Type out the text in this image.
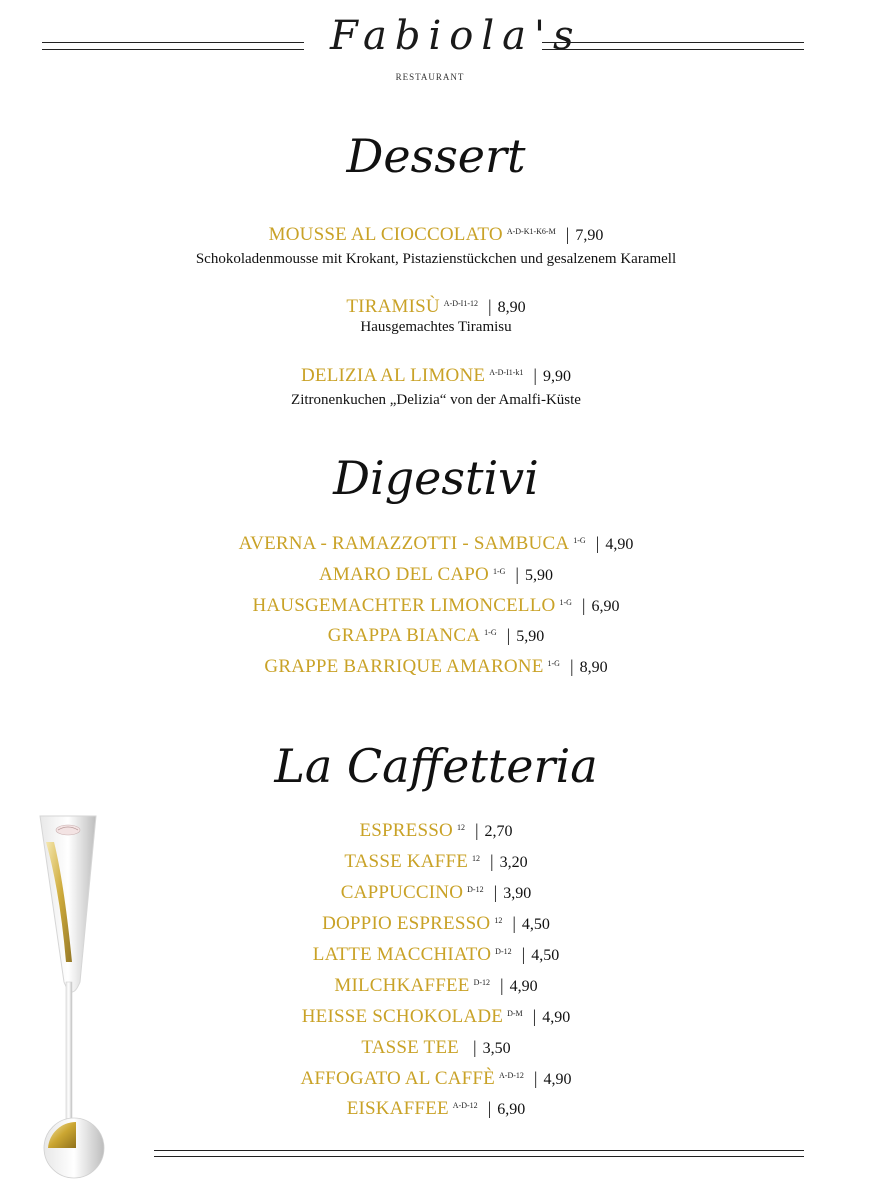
Fabiola's
RESTAURANT
Dessert
MOUSSE AL CIOCCOLATO $^{A-D-K1-K6-M}$ | 7,90
Schokoladenmousse mit Krokant, Pistazienstückchen und gesalzenem Karamell
TIRAMISÙ $^{A-D-I1-12}$ | 8,90
Hausgemachtes Tiramisu
DELIZIA AL LIMONE $^{A-D-I1-k1}$ | 9,90
Zitronenkuchen „Delizia“ von der Amalfi-Küste
Digestivi
AVERNA - RAMAZZOTTI - SAMBUCA $^{1-G}$ | 4,90
AMARO DEL CAPO $^{1-G}$ | 5,90
HAUSGEMACHTER LIMONCELLO $^{1-G}$ | 6,90
GRAPPA BIANCA $^{1-G}$ | 5,90
GRAPPE BARRIQUE AMARONE $^{1-G}$ | 8,90
La Caffetteria
ESPRESSO $^{12}$ | 2,70
TASSE KAFFE $^{12}$ | 3,20
CAPPUCCINO $^{D-12}$ | 3,90
DOPPIO ESPRESSO $^{12}$ | 4,50
LATTE MACCHIATO $^{D-12}$ | 4,50
MILCHKAFFEE $^{D-12}$ | 4,90
HEISSE SCHOKOLADE $^{D-M}$ | 4,90
TASSE TEE | 3,50
AFFOGATO AL CAFFÈ $^{A-D-12}$ | 4,90
EISKAFFEE $^{A-D-12}$ | 6,90
